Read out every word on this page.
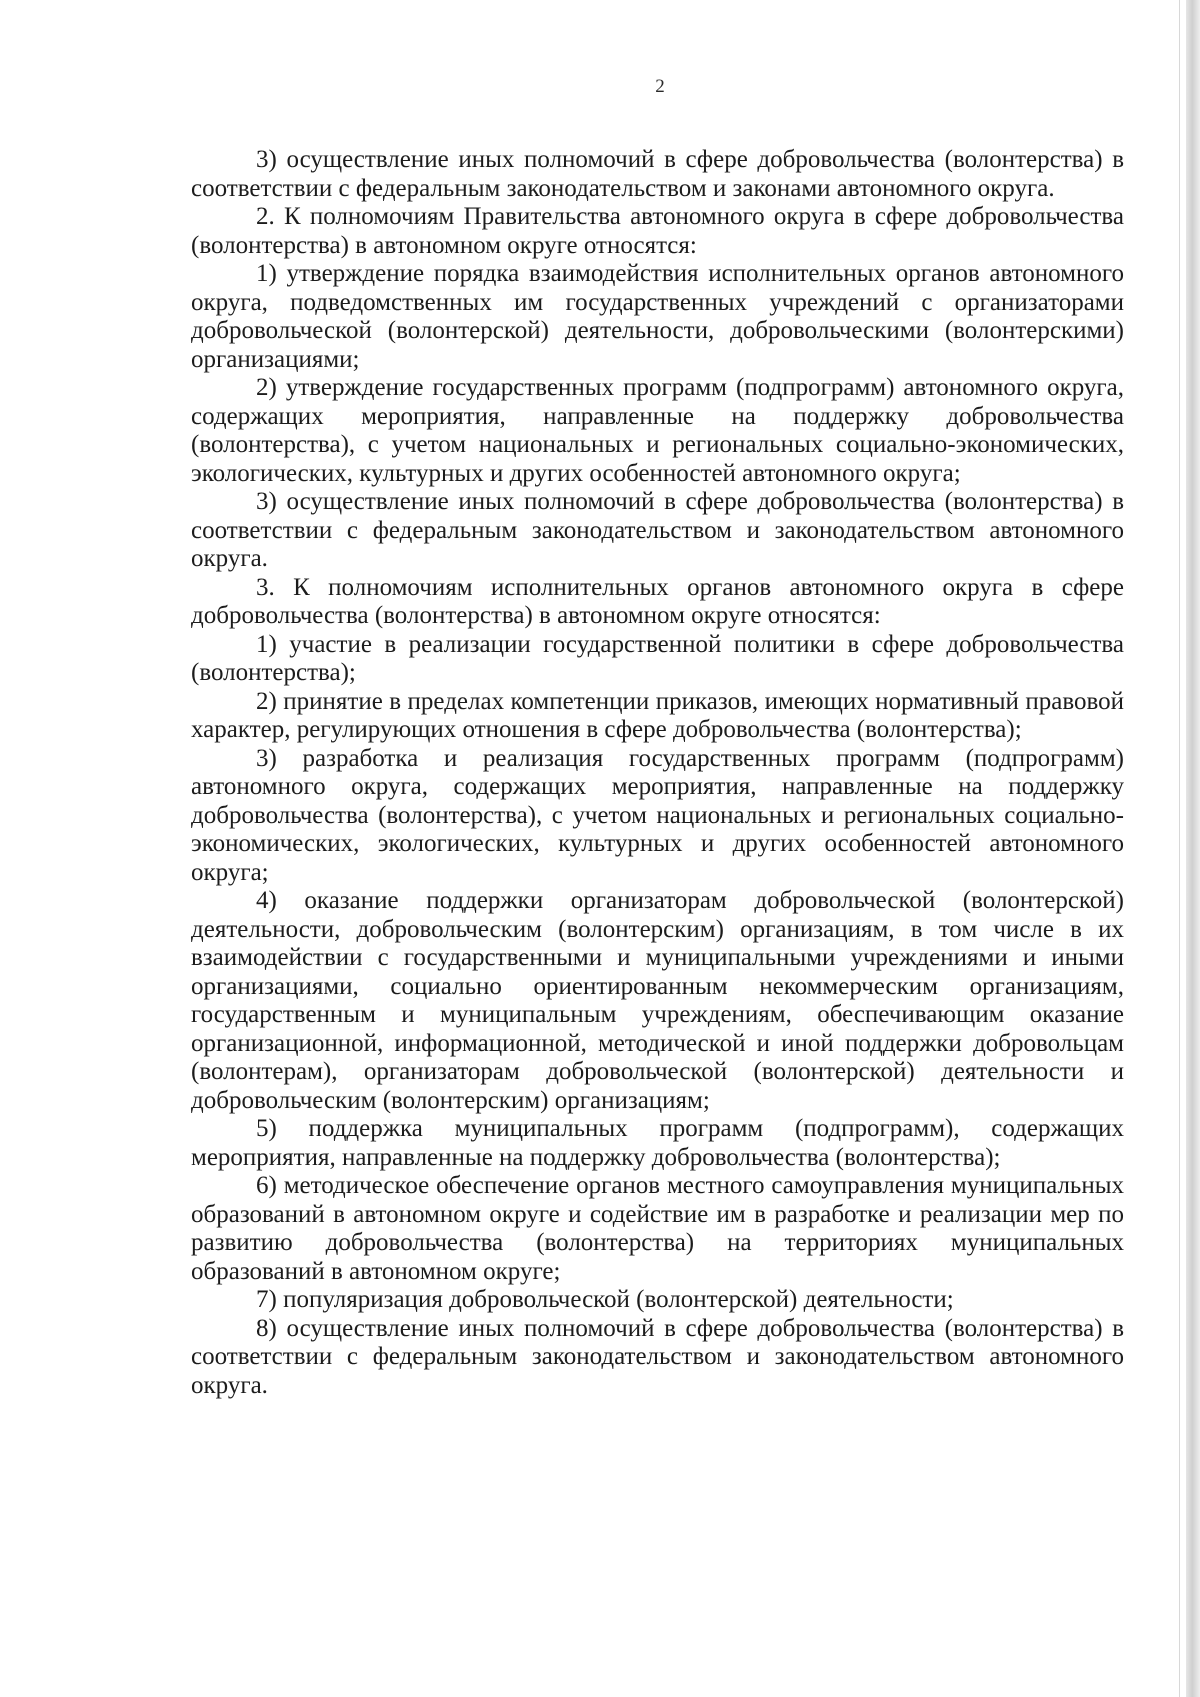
2

3) осуществление иных полномочий в сфере добровольчества (волонтерства) в соответствии с федеральным законодательством и законами автономного округа.

2. К полномочиям Правительства автономного округа в сфере добровольчества (волонтерства) в автономном округе относятся:

1) утверждение порядка взаимодействия исполнительных органов автономного округа, подведомственных им государственных учреждений с организаторами добровольческой (волонтерской) деятельности, добровольческими (волонтерскими) организациями;

2) утверждение государственных программ (подпрограмм) автономного округа, содержащих мероприятия, направленные на поддержку добровольчества (волонтерства), с учетом национальных и региональных социально-экономических, экологических, культурных и других особенностей автономного округа;

3) осуществление иных полномочий в сфере добровольчества (волонтерства) в соответствии с федеральным законодательством и законодательством автономного округа.

3. К полномочиям исполнительных органов автономного округа в сфере добровольчества (волонтерства) в автономном округе относятся:

1) участие в реализации государственной политики в сфере добровольчества (волонтерства);

2) принятие в пределах компетенции приказов, имеющих нормативный правовой характер, регулирующих отношения в сфере добровольчества (волонтерства);

3) разработка и реализация государственных программ (подпрограмм) автономного округа, содержащих мероприятия, направленные на поддержку добровольчества (волонтерства), с учетом национальных и региональных социально-экономических, экологических, культурных и других особенностей автономного округа;

4) оказание поддержки организаторам добровольческой (волонтерской) деятельности, добровольческим (волонтерским) организациям, в том числе в их взаимодействии с государственными и муниципальными учреждениями и иными организациями, социально ориентированным некоммерческим организациям, государственным и муниципальным учреждениям, обеспечивающим оказание организационной, информационной, методической и иной поддержки добровольцам (волонтерам), организаторам добровольческой (волонтерской) деятельности и добровольческим (волонтерским) организациям;

5) поддержка муниципальных программ (подпрограмм), содержащих мероприятия, направленные на поддержку добровольчества (волонтерства);

6) методическое обеспечение органов местного самоуправления муниципальных образований в автономном округе и содействие им в разработке и реализации мер по развитию добровольчества (волонтерства) на территориях муниципальных образований в автономном округе;

7) популяризация добровольческой (волонтерской) деятельности;

8) осуществление иных полномочий в сфере добровольчества (волонтерства) в соответствии с федеральным законодательством и законодательством автономного округа.
